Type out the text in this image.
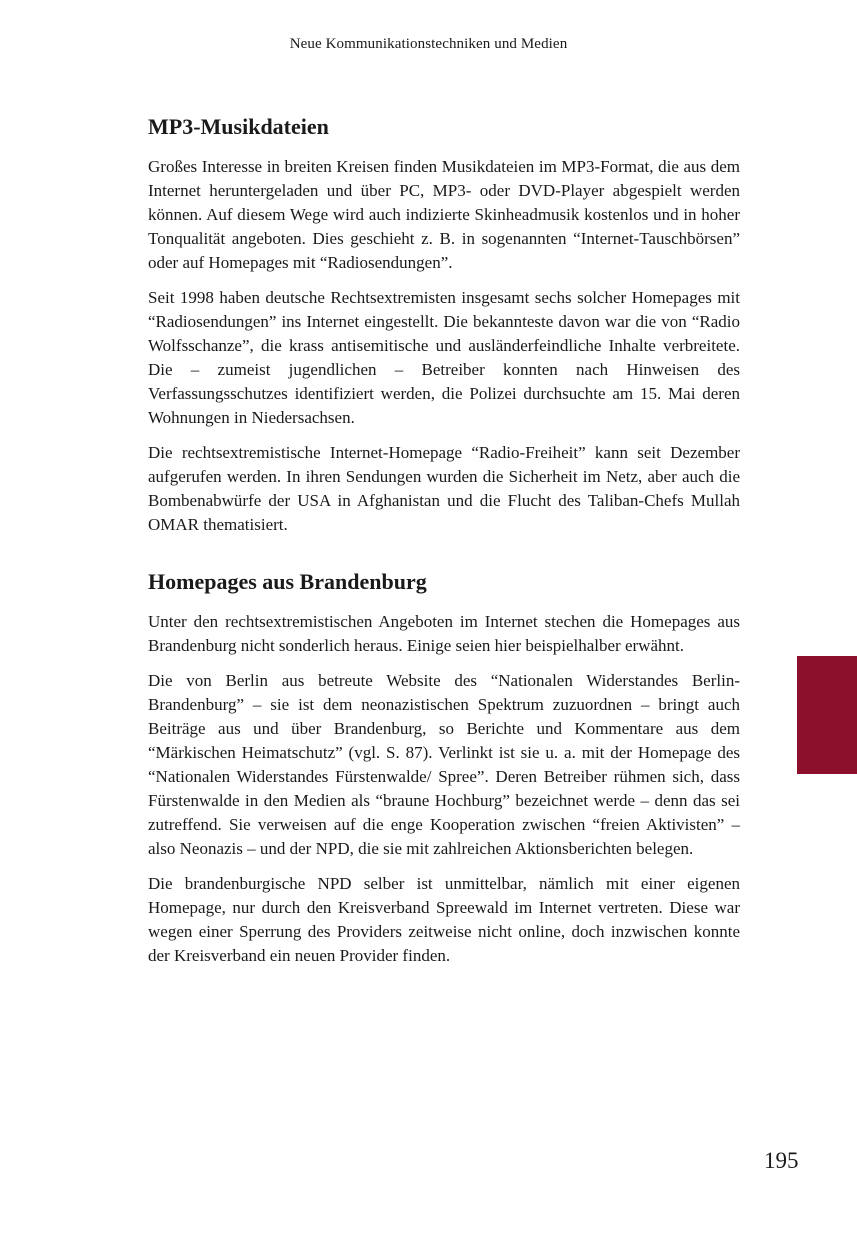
Neue Kommunikationstechniken und Medien
MP3-Musikdateien

Großes Interesse in breiten Kreisen finden Musikdateien im MP3-Format, die aus dem Internet heruntergeladen und über PC, MP3- oder DVD-Player abgespielt werden können. Auf diesem Wege wird auch indizierte Skinheadmusik kostenlos und in hoher Tonqualität angeboten. Dies geschieht z. B. in sogenannten “Internet-Tauschbörsen” oder auf Homepages mit “Radiosendungen”.

Seit 1998 haben deutsche Rechtsextremisten insgesamt sechs solcher Homepages mit “Radiosendungen” ins Internet eingestellt. Die bekannteste davon war die von “Radio Wolfsschanze”, die krass antisemitische und ausländerfeindliche Inhalte verbreitete. Die – zumeist jugendlichen – Betreiber konnten nach Hinweisen des Verfassungsschutzes identifiziert werden, die Polizei durchsuchte am 15. Mai deren Wohnungen in Niedersachsen.

Die rechtsextremistische Internet-Homepage “Radio-Freiheit” kann seit Dezember aufgerufen werden. In ihren Sendungen wurden die Sicherheit im Netz, aber auch die Bombenabwürfe der USA in Afghanistan und die Flucht des Taliban-Chefs Mullah OMAR thematisiert.

Homepages aus Brandenburg

Unter den rechtsextremistischen Angeboten im Internet stechen die Homepages aus Brandenburg nicht sonderlich heraus. Einige seien hier beispielhalber erwähnt.

Die von Berlin aus betreute Website des “Nationalen Widerstandes Berlin-Brandenburg” – sie ist dem neonazistischen Spektrum zuzuordnen – bringt auch Beiträge aus und über Brandenburg, so Berichte und Kommentare aus dem “Märkischen Heimatschutz” (vgl. S. 87). Verlinkt ist sie u. a. mit der Homepage des “Nationalen Widerstandes Fürstenwalde/ Spree”. Deren Betreiber rühmen sich, dass Fürstenwalde in den Medien als “braune Hochburg” bezeichnet werde – denn das sei zutreffend. Sie verweisen auf die enge Kooperation zwischen “freien Aktivisten” – also Neonazis – und der NPD, die sie mit zahlreichen Aktionsberichten belegen.

Die brandenburgische NPD selber ist unmittelbar, nämlich mit einer eigenen Homepage, nur durch den Kreisverband Spreewald im Internet vertreten. Diese war wegen einer Sperrung des Providers zeitweise nicht online, doch inzwischen konnte der Kreisverband ein neuen Provider finden.

195
